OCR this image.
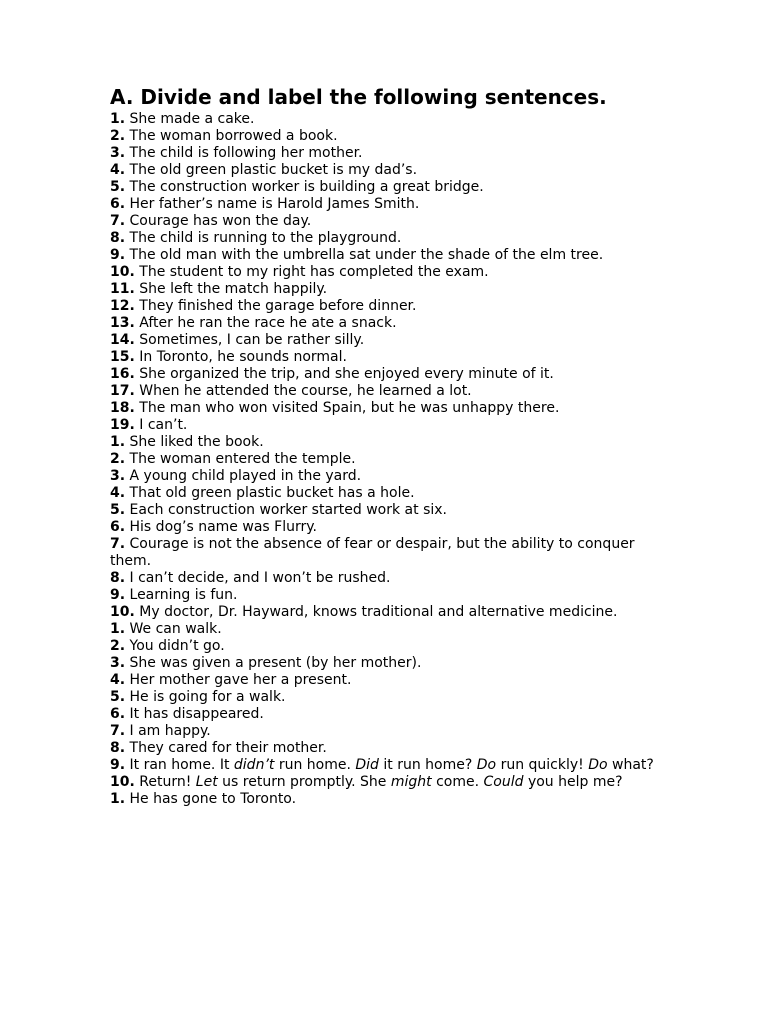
A. Divide and label the following sentences.
1. She made a cake.
2. The woman borrowed a book.
3. The child is following her mother.
4. The old green plastic bucket is my dad’s.
5. The construction worker is building a great bridge.
6. Her father’s name is Harold James Smith.
7. Courage has won the day.
8. The child is running to the playground.
9. The old man with the umbrella sat under the shade of the elm tree.
10. The student to my right has completed the exam.
11. She left the match happily.
12. They finished the garage before dinner.
13. After he ran the race he ate a snack.
14. Sometimes, I can be rather silly.
15. In Toronto, he sounds normal.
16. She organized the trip, and she enjoyed every minute of it.
17. When he attended the course, he learned a lot.
18. The man who won visited Spain, but he was unhappy there.
19. I can’t.
1. She liked the book.
2. The woman entered the temple.
3. A young child played in the yard.
4. That old green plastic bucket has a hole.
5. Each construction worker started work at six.
6. His dog’s name was Flurry.
7. Courage is not the absence of fear or despair, but the ability to conquer them.
8. I can’t decide, and I won’t be rushed.
9. Learning is fun.
10. My doctor, Dr. Hayward, knows traditional and alternative medicine.
1. We can walk.
2. You didn’t go.
3. She was given a present (by her mother).
4. Her mother gave her a present.
5. He is going for a walk.
6. It has disappeared.
7. I am happy.
8. They cared for their mother.
9. It ran home. It didn’t run home. Did it run home? Do run quickly! Do what?
10. Return! Let us return promptly. She might come. Could you help me?
1. He has gone to Toronto.
